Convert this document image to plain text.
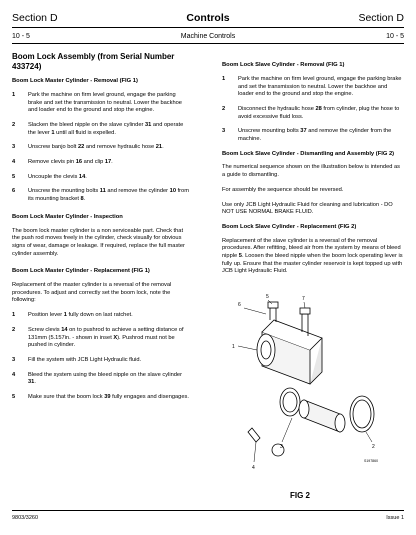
Section D	Controls	Section D
10 - 5	Machine Controls	10 - 5
Boom Lock Assembly (from Serial Number 433724)
Boom Lock Master Cylinder - Removal (FIG 1)
1	Park the machine on firm level ground, engage the parking brake and set the transmission to neutral. Lower the backhoe and loader end to the ground and stop the engine.
2	Slacken the bleed nipple on the slave cylinder 31 and operate the lever 1 until all fluid is expelled.
3	Unscrew banjo bolt 22 and remove hydraulic hose 21.
4	Remove clevis pin 16 and clip 17.
5	Uncouple the clevis 14.
6	Unscrew the mounting bolts 11 and remove the cylinder 10 from its mounting bracket 8.
Boom Lock Master Cylinder - Inspection
The boom lock master cylinder is a non serviceable part. Check that the push rod moves freely in the cylinder, check visually for obvious signs of wear, damage or leakage. If required, replace the full master cylinder assembly.
Boom Lock Master Cylinder - Replacement (FIG 1)
Replacement of the master cylinder is a reversal of the removal procedures. To adjust and correctly set the boom lock, note the following:
1	Position lever 1 fully down on last ratchet.
2	Screw clevis 14 on to pushrod to achieve a setting distance of 131mm (5.157in. - shown in inset X). Pushrod must not be pushed in cylinder.
3	Fill the system with JCB Light Hydraulic fluid.
4	Bleed the system using the bleed nipple on the slave cylinder 31.
5	Make sure that the boom lock 39 fully engages and disengages.
Boom Lock Slave Cylinder - Removal (FIG 1)
1	Park the machine on firm level ground, engage the parking brake and set the transmission to neutral. Lower the backhoe and loader end to the ground and stop the engine.
2	Disconnect the hydraulic hose 28 from cylinder, plug the hose to avoid excessive fluid loss.
3	Unscrew mounting bolts 37 and remove the cylinder from the machine.
Boom Lock Slave Cylinder - Dismantling and Assembly (FIG 2)
The numerical sequence shown on the illustration below is intended as a guide to dismantling.
For assembly the sequence should be reversed.
Use only JCB Light Hydraulic Fluid for cleaning and lubrication - DO NOT USE NORMAL BRAKE FLUID.
Boom Lock Slave Cylinder - Replacement (FIG 2)
Replacement of the slave cylinder is a reversal of the removal procedures. After refitting, bleed air from the system by means of bleed nipple 5. Loosen the bleed nipple when the boom lock operating lever is fully up. Ensure that the master cylinder reservoir is kept topped up with JCB Light Hydraulic Fluid.
6
5	7
1
3
4
2
S197860
FIG 2
9803/3260	Issue 1
